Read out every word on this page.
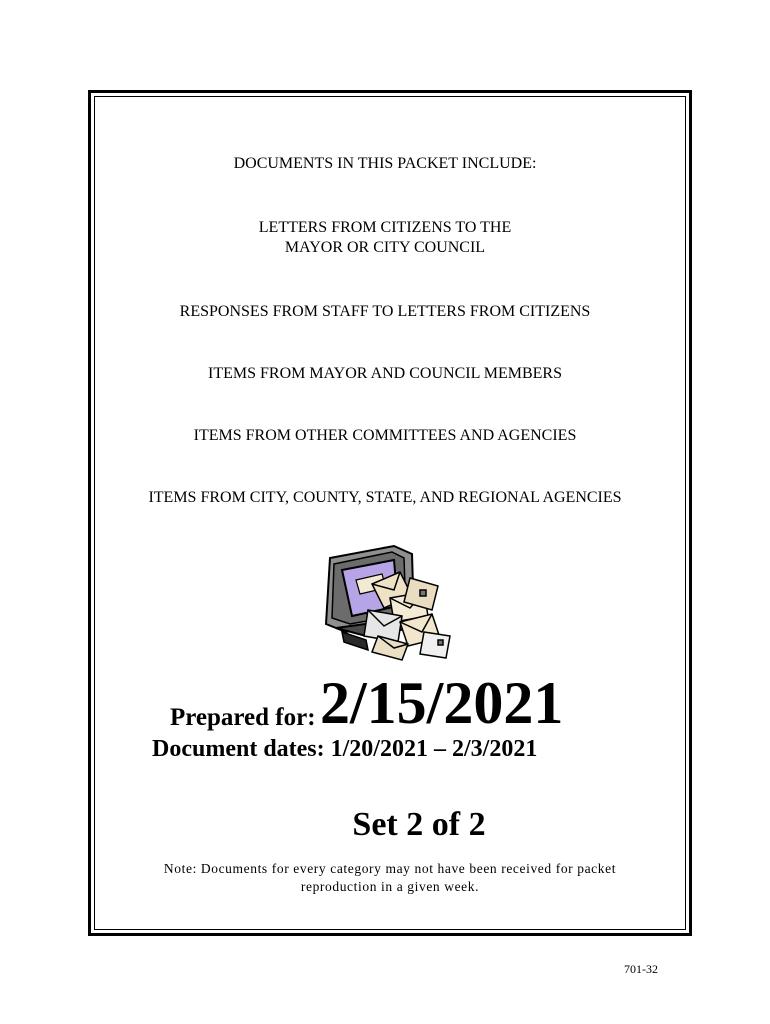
DOCUMENTS IN THIS PACKET INCLUDE:
LETTERS FROM CITIZENS TO THE
MAYOR OR CITY COUNCIL
RESPONSES FROM STAFF TO LETTERS FROM CITIZENS
ITEMS FROM MAYOR AND COUNCIL MEMBERS
ITEMS FROM OTHER COMMITTEES AND AGENCIES
ITEMS FROM CITY, COUNTY, STATE, AND REGIONAL AGENCIES
Prepared for: 2/15/2021
Document dates: 1/20/2021 – 2/3/2021
Set 2 of 2
Note: Documents for every category may not have been received for packet
reproduction in a given week.
701-32
